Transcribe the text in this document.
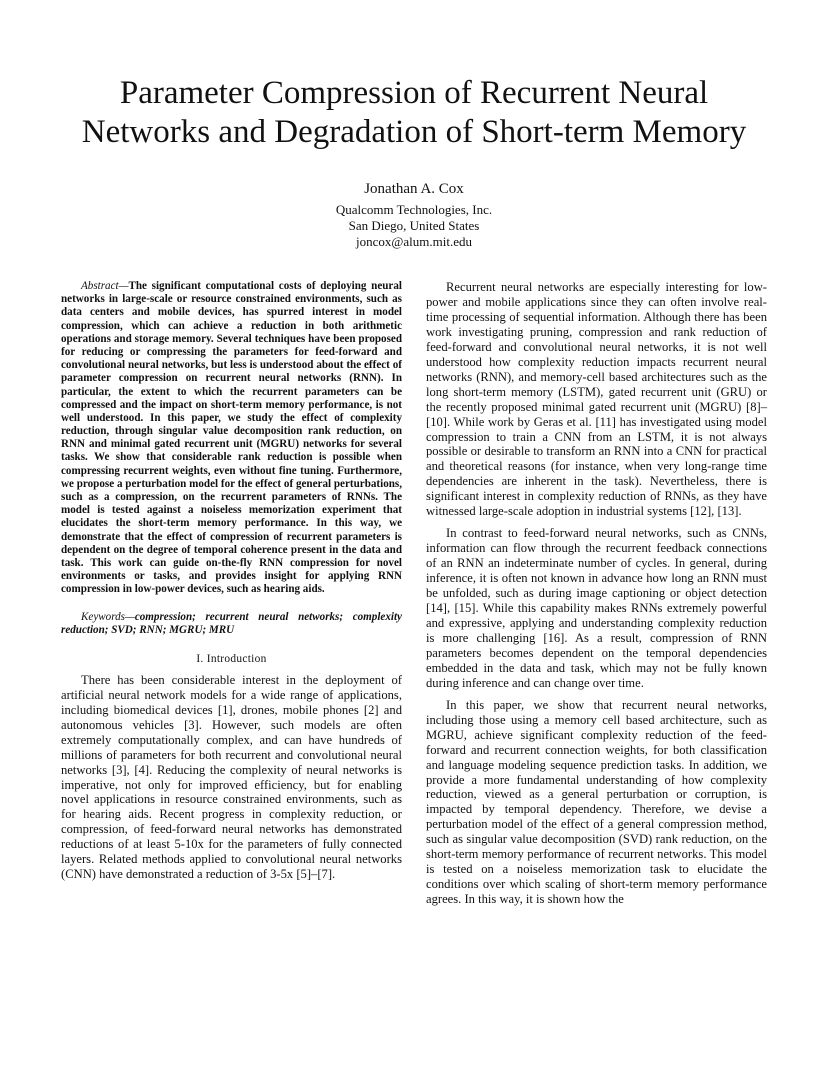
Parameter Compression of Recurrent Neural
Networks and Degradation of Short-term Memory
Jonathan A. Cox
Qualcomm Technologies, Inc.
San Diego, United States
joncox@alum.mit.edu

Abstract—The significant computational costs of deploying neural networks in large-scale or resource constrained environments, such as data centers and mobile devices, has spurred interest in model compression, which can achieve a reduction in both arithmetic operations and storage memory. Several techniques have been proposed for reducing or compressing the parameters for feed-forward and convolutional neural networks, but less is understood about the effect of parameter compression on recurrent neural networks (RNN). In particular, the extent to which the recurrent parameters can be compressed and the impact on short-term memory performance, is not well understood. In this paper, we study the effect of complexity reduction, through singular value decomposition rank reduction, on RNN and minimal gated recurrent unit (MGRU) networks for several tasks. We show that considerable rank reduction is possible when compressing recurrent weights, even without fine tuning. Furthermore, we propose a perturbation model for the effect of general perturbations, such as a compression, on the recurrent parameters of RNNs. The model is tested against a noiseless memorization experiment that elucidates the short-term memory performance. In this way, we demonstrate that the effect of compression of recurrent parameters is dependent on the degree of temporal coherence present in the data and task. This work can guide on-the-fly RNN compression for novel environments or tasks, and provides insight for applying RNN compression in low-power devices, such as hearing aids.

Keywords—compression; recurrent neural networks; complexity reduction; SVD; RNN; MGRU; MRU

I. Introduction

There has been considerable interest in the deployment of artificial neural network models for a wide range of applications, including biomedical devices [1], drones, mobile phones [2] and autonomous vehicles [3]. However, such models are often extremely computationally complex, and can have hundreds of millions of parameters for both recurrent and convolutional neural networks [3], [4]. Reducing the complexity of neural networks is imperative, not only for improved efficiency, but for enabling novel applications in resource constrained environments, such as for hearing aids. Recent progress in complexity reduction, or compression, of feed-forward neural networks has demonstrated reductions of at least 5-10x for the parameters of fully connected layers. Related methods applied to convolutional neural networks (CNN) have demonstrated a reduction of 3-5x [5]–[7].

Recurrent neural networks are especially interesting for low-power and mobile applications since they can often involve real-time processing of sequential information. Although there has been work investigating pruning, compression and rank reduction of feed-forward and convolutional neural networks, it is not well understood how complexity reduction impacts recurrent neural networks (RNN), and memory-cell based architectures such as the long short-term memory (LSTM), gated recurrent unit (GRU) or the recently proposed minimal gated recurrent unit (MGRU) [8]–[10]. While work by Geras et al. [11] has investigated using model compression to train a CNN from an LSTM, it is not always possible or desirable to transform an RNN into a CNN for practical and theoretical reasons (for instance, when very long-range time dependencies are inherent in the task). Nevertheless, there is significant interest in complexity reduction of RNNs, as they have witnessed large-scale adoption in industrial systems [12], [13].

In contrast to feed-forward neural networks, such as CNNs, information can flow through the recurrent feedback connections of an RNN an indeterminate number of cycles. In general, during inference, it is often not known in advance how long an RNN must be unfolded, such as during image captioning or object detection [14], [15]. While this capability makes RNNs extremely powerful and expressive, applying and understanding complexity reduction is more challenging [16]. As a result, compression of RNN parameters becomes dependent on the temporal dependencies embedded in the data and task, which may not be fully known during inference and can change over time.

In this paper, we show that recurrent neural networks, including those using a memory cell based architecture, such as MGRU, achieve significant complexity reduction of the feed-forward and recurrent connection weights, for both classification and language modeling sequence prediction tasks. In addition, we provide a more fundamental understanding of how complexity reduction, viewed as a general perturbation or corruption, is impacted by temporal dependency. Therefore, we devise a perturbation model of the effect of a general compression method, such as singular value decomposition (SVD) rank reduction, on the short-term memory performance of recurrent networks. This model is tested on a noiseless memorization task to elucidate the conditions over which scaling of short-term memory performance agrees. In this way, it is shown how the
